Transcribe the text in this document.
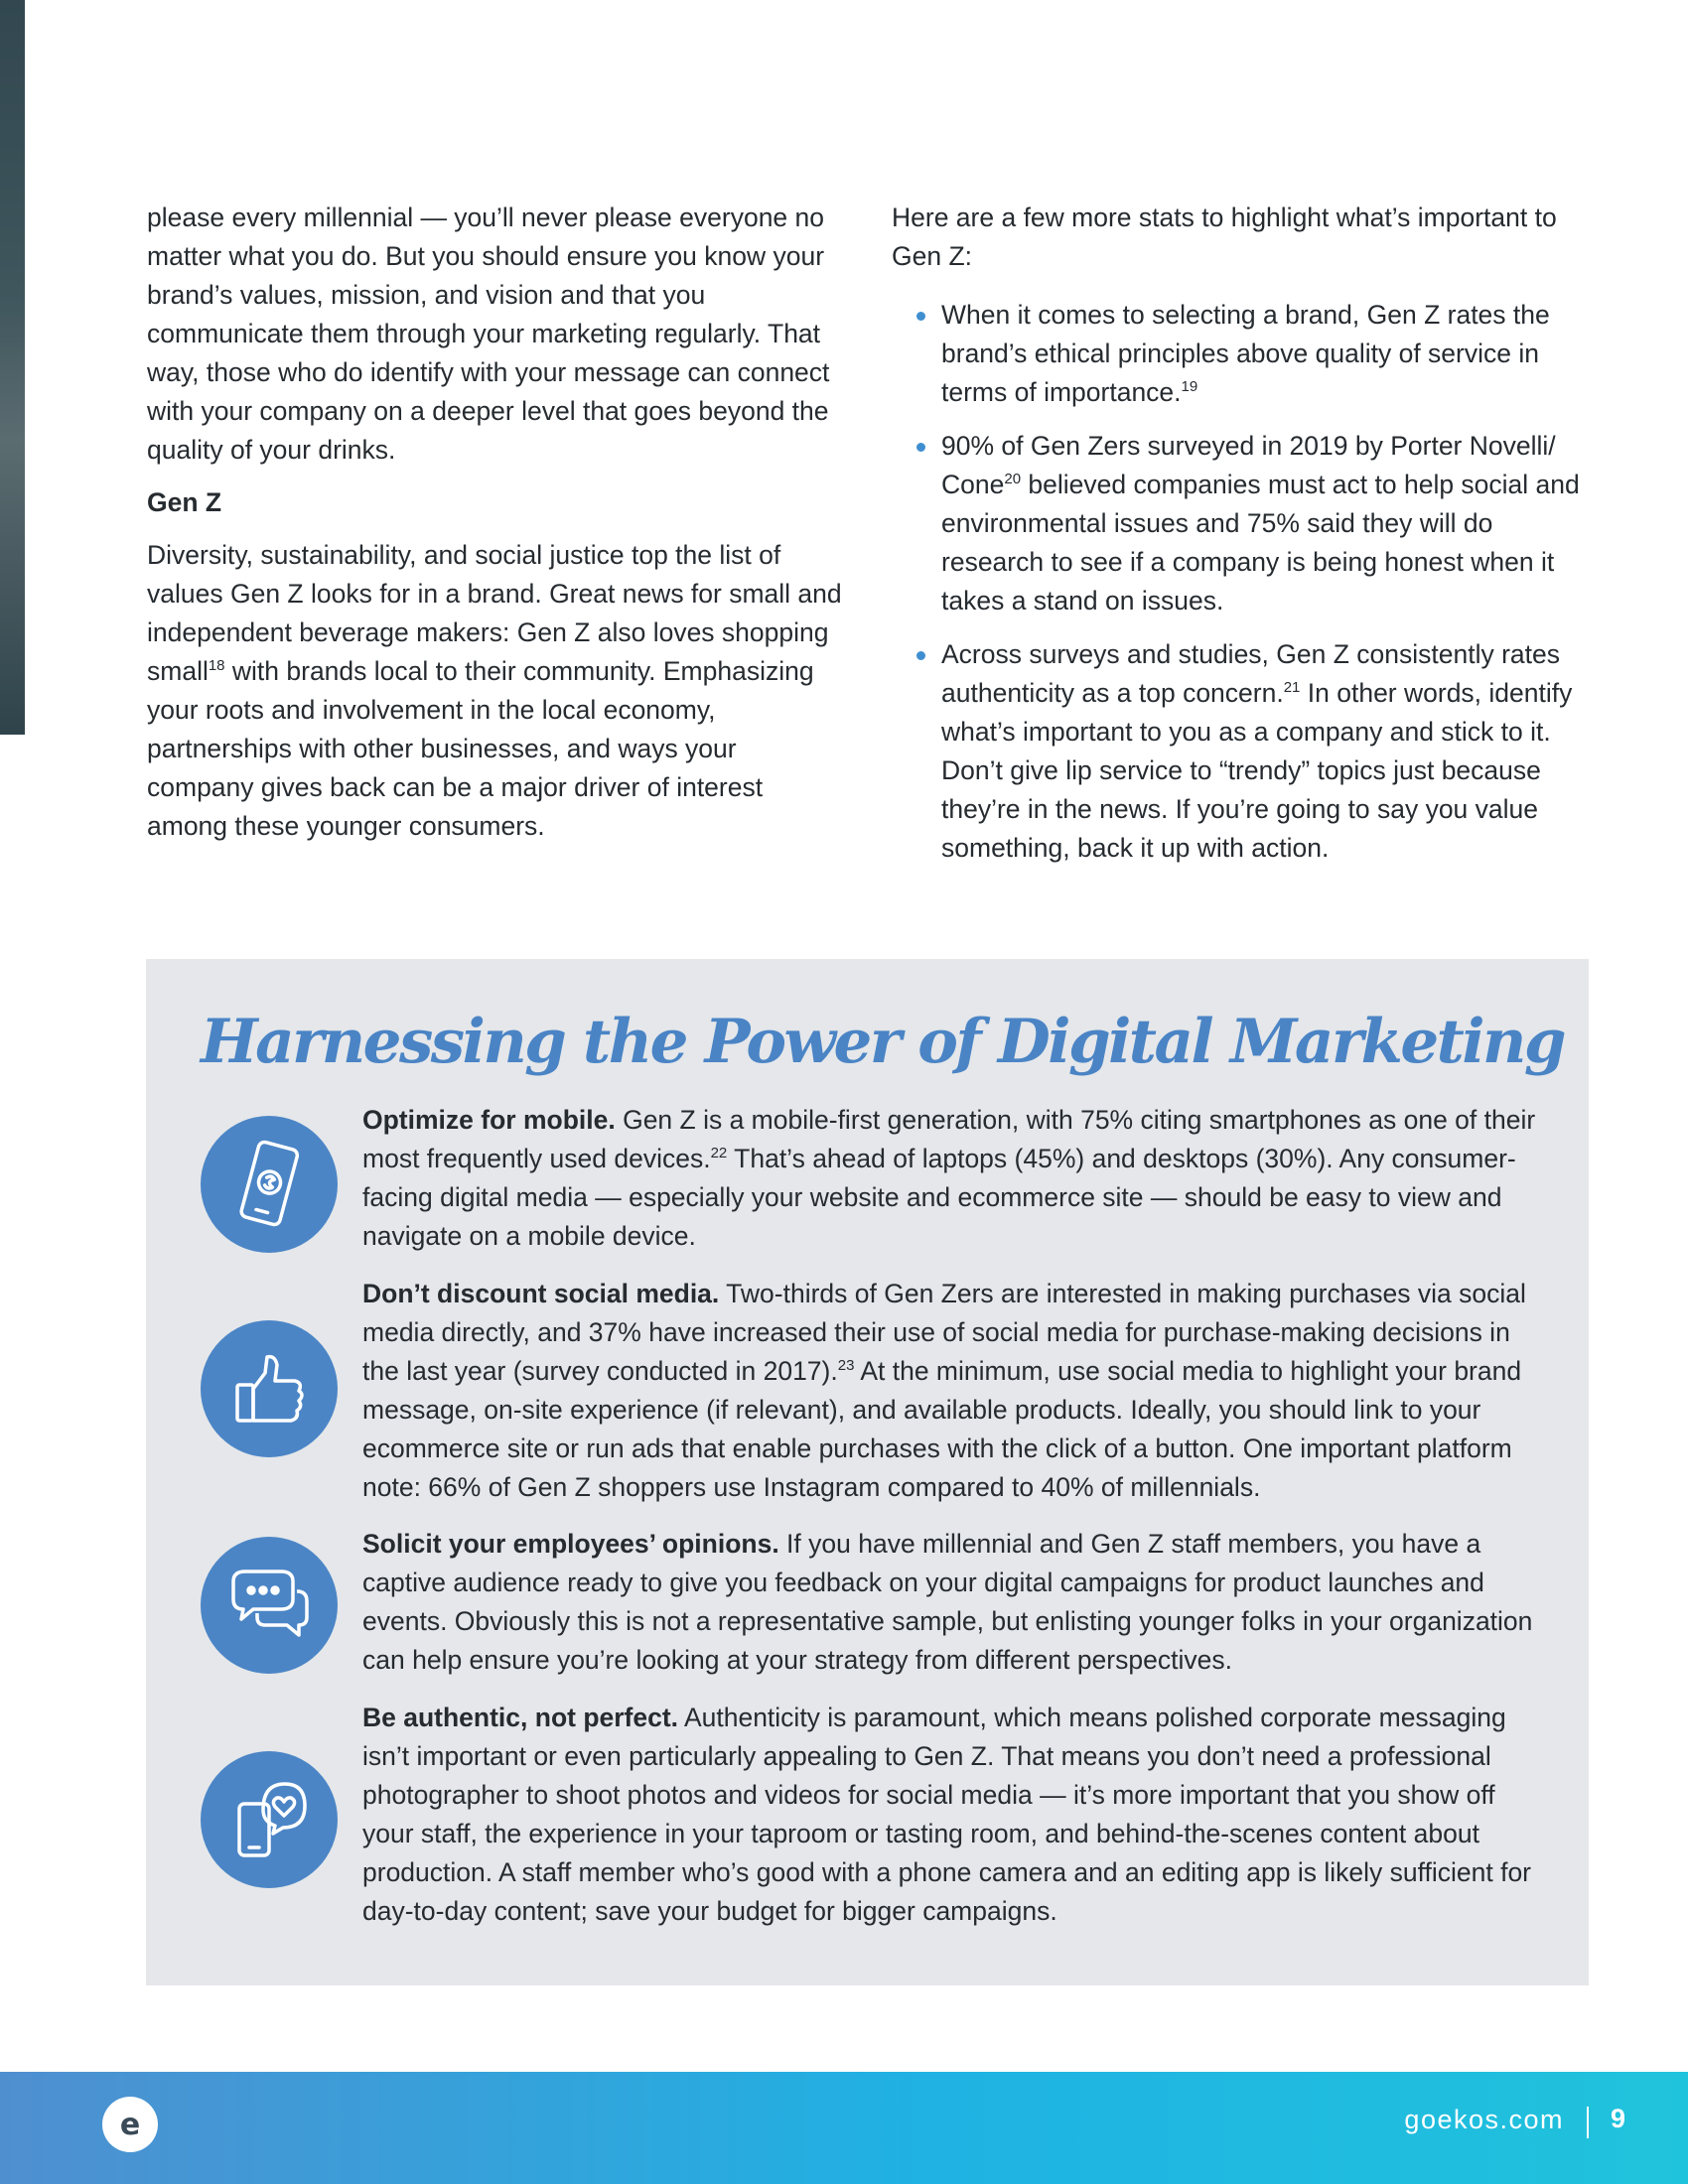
please every millennial — you’ll never please everyone no matter what you do. But you should ensure you know your brand’s values, mission, and vision and that you communicate them through your marketing regularly. That way, those who do identify with your message can connect with your company on a deeper level that goes beyond the quality of your drinks.

Gen Z

Diversity, sustainability, and social justice top the list of values Gen Z looks for in a brand. Great news for small and independent beverage makers: Gen Z also loves shopping small$^{18}$ with brands local to their community. Emphasizing your roots and involvement in the local economy, partnerships with other businesses, and ways your company gives back can be a major driver of interest among these younger consumers.

Here are a few more stats to highlight what’s important to Gen Z:

When it comes to selecting a brand, Gen Z rates the brand’s ethical principles above quality of service in terms of importance.$^{19}$
90% of Gen Zers surveyed in 2019 by Porter Novelli/ Cone$^{20}$ believed companies must act to help social and environmental issues and 75% said they will do research to see if a company is being honest when it takes a stand on issues.
Across surveys and studies, Gen Z consistently rates authenticity as a top concern.$^{21}$ In other words, identify what’s important to you as a company and stick to it. Don’t give lip service to “trendy” topics just because they’re in the news. If you’re going to say you value something, back it up with action.
Harnessing the Power of Digital Marketing

Optimize for mobile. Gen Z is a mobile-first generation, with 75% citing smartphones as one of their most frequently used devices.$^{22}$ That’s ahead of laptops (45%) and desktops (30%). Any consumer-facing digital media — especially your website and ecommerce site — should be easy to view and navigate on a mobile device.

Don’t discount social media. Two-thirds of Gen Zers are interested in making purchases via social media directly, and 37% have increased their use of social media for purchase-making decisions in the last year (survey conducted in 2017).$^{23}$ At the minimum, use social media to highlight your brand message, on-site experience (if relevant), and available products. Ideally, you should link to your ecommerce site or run ads that enable purchases with the click of a button. One important platform note: 66% of Gen Z shoppers use Instagram compared to 40% of millennials.

Solicit your employees’ opinions. If you have millennial and Gen Z staff members, you have a captive audience ready to give you feedback on your digital campaigns for product launches and events. Obviously this is not a representative sample, but enlisting younger folks in your organization can help ensure you’re looking at your strategy from different perspectives.

Be authentic, not perfect. Authenticity is paramount, which means polished corporate messaging isn’t important or even particularly appealing to Gen Z. That means you don’t need a professional photographer to shoot photos and videos for social media — it’s more important that you show off your staff, the experience in your taproom or tasting room, and behind-the-scenes content about production. A staff member who’s good with a phone camera and an editing app is likely sufficient for day-to-day content; save your budget for bigger campaigns.

e	goekos.com 9
